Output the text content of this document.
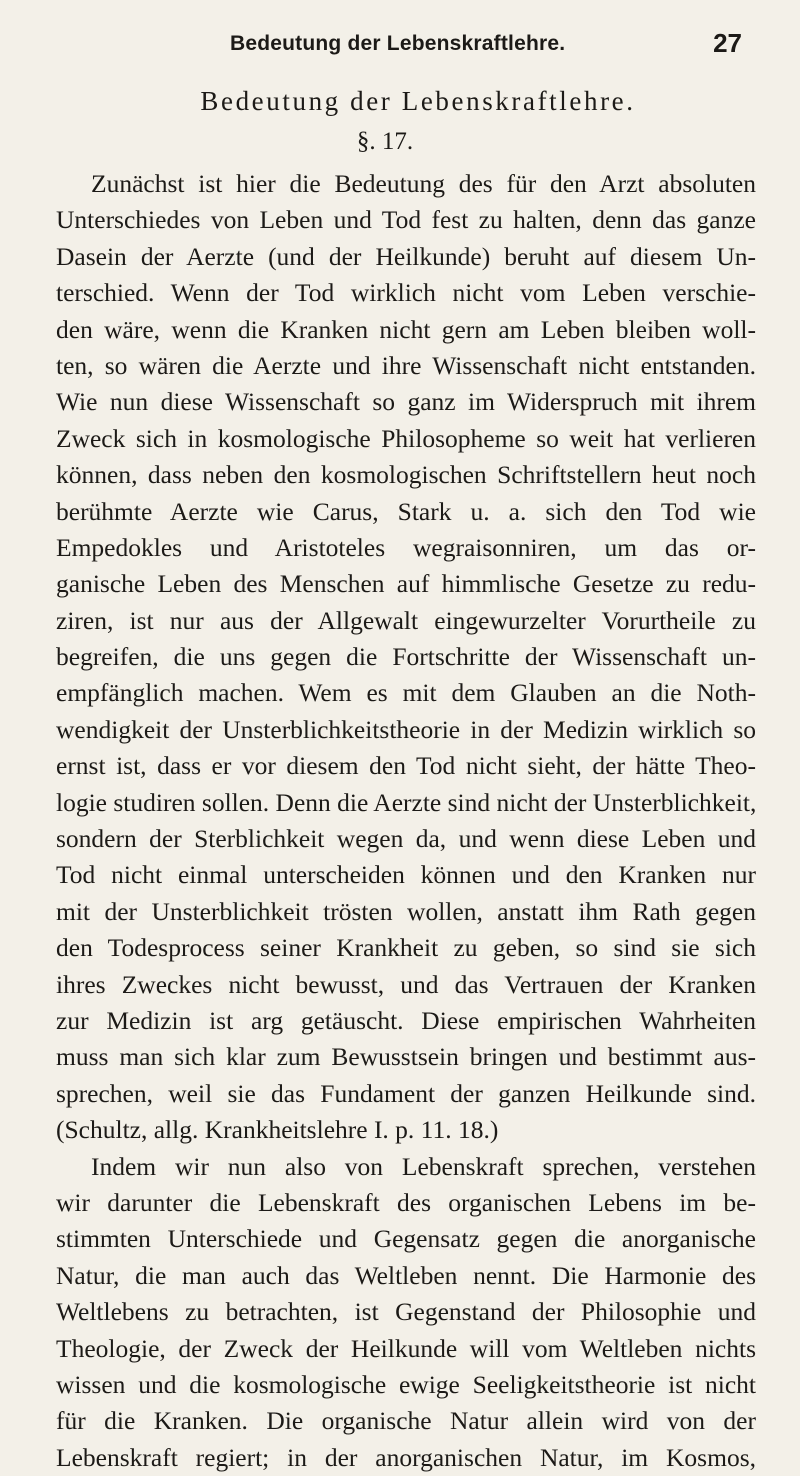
Bedeutung der Lebenskraftlehre.	27
Bedeutung der Lebenskraftlehre.
§. 17.
Zunächst ist hier die Bedeutung des für den Arzt absoluten
Unterschiedes von Leben und Tod fest zu halten, denn das ganze
Dasein der Aerzte (und der Heilkunde) beruht auf diesem Un-
terschied. Wenn der Tod wirklich nicht vom Leben verschie-
den wäre, wenn die Kranken nicht gern am Leben bleiben woll-
ten, so wären die Aerzte und ihre Wissenschaft nicht entstanden.
Wie nun diese Wissenschaft so ganz im Widerspruch mit ihrem
Zweck sich in kosmologische Philosopheme so weit hat verlieren
können, dass neben den kosmologischen Schriftstellern heut noch
berühmte Aerzte wie Carus, Stark u. a. sich den Tod wie
Empedokles und Aristoteles wegraisonniren, um das or-
ganische Leben des Menschen auf himmlische Gesetze zu redu-
ziren, ist nur aus der Allgewalt eingewurzelter Vorurtheile zu
begreifen, die uns gegen die Fortschritte der Wissenschaft un-
empfänglich machen. Wem es mit dem Glauben an die Noth-
wendigkeit der Unsterblichkeitstheorie in der Medizin wirklich so
ernst ist, dass er vor diesem den Tod nicht sieht, der hätte Theo-
logie studiren sollen. Denn die Aerzte sind nicht der Unsterblichkeit,
sondern der Sterblichkeit wegen da, und wenn diese Leben und
Tod nicht einmal unterscheiden können und den Kranken nur
mit der Unsterblichkeit trösten wollen, anstatt ihm Rath gegen
den Todesprocess seiner Krankheit zu geben, so sind sie sich
ihres Zweckes nicht bewusst, und das Vertrauen der Kranken
zur Medizin ist arg getäuscht. Diese empirischen Wahrheiten
muss man sich klar zum Bewusstsein bringen und bestimmt aus-
sprechen, weil sie das Fundament der ganzen Heilkunde sind.
(Schultz, allg. Krankheitslehre I. p. 11. 18.)
Indem wir nun also von Lebenskraft sprechen, verstehen
wir darunter die Lebenskraft des organischen Lebens im be-
stimmten Unterschiede und Gegensatz gegen die anorganische
Natur, die man auch das Weltleben nennt. Die Harmonie des
Weltlebens zu betrachten, ist Gegenstand der Philosophie und
Theologie, der Zweck der Heilkunde will vom Weltleben nichts
wissen und die kosmologische ewige Seeligkeitstheorie ist nicht
für die Kranken. Die organische Natur allein wird von der
Lebenskraft regiert; in der anorganischen Natur, im Kosmos,
